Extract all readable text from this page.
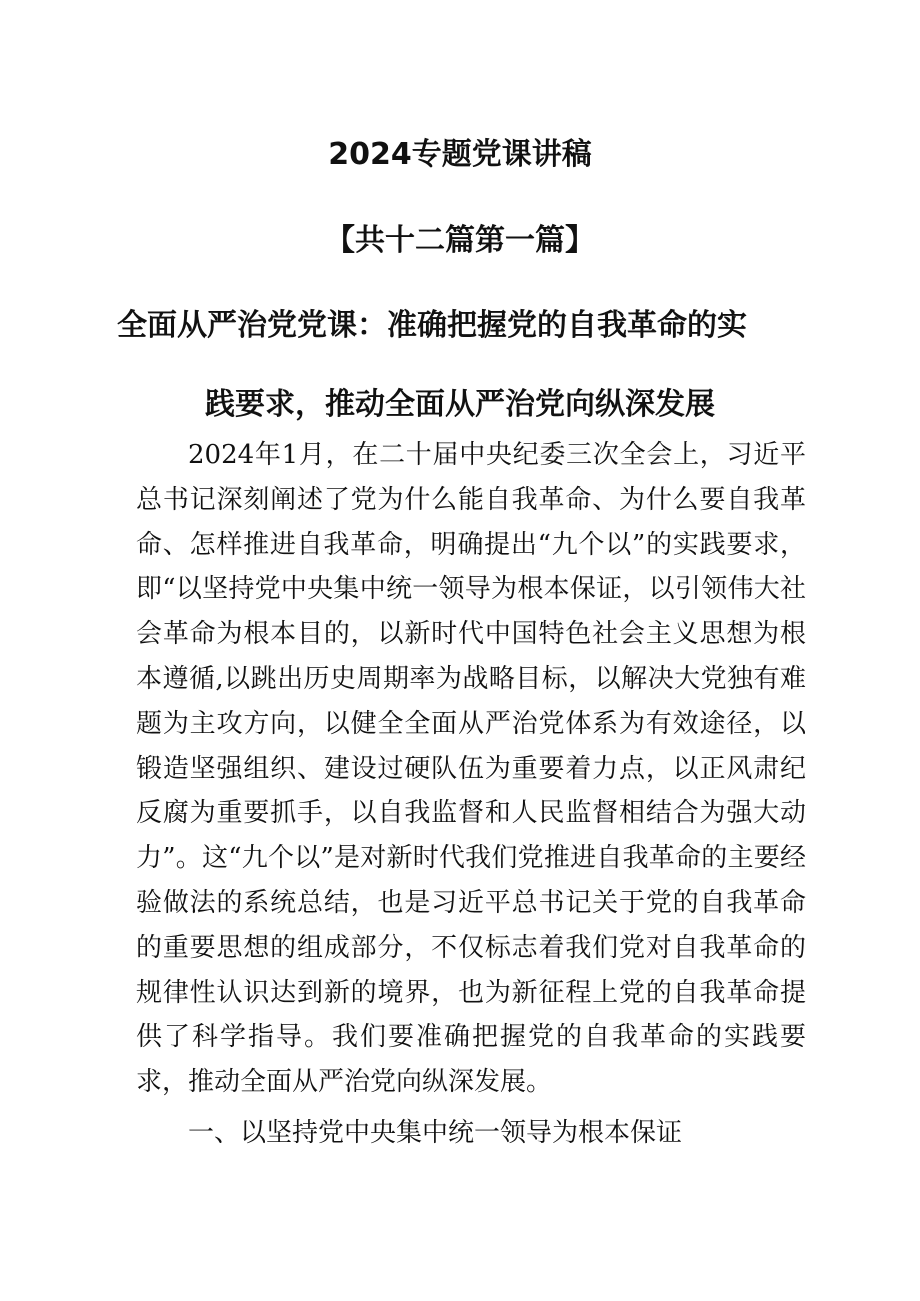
2024专题党课讲稿
【共十二篇第一篇】
全面从严治党党课：准确把握党的自我革命的实
践要求，推动全面从严治党向纵深发展

2024年1月，在二十届中央纪委三次全会上，习近平总书记深刻阐述了党为什么能自我革命、为什么要自我革命、怎样推进自我革命，明确提出“九个以”的实践要求，即“以坚持党中央集中统一领导为根本保证，以引领伟大社会革命为根本目的，以新时代中国特色社会主义思想为根本遵循,以跳出历史周期率为战略目标，以解决大党独有难题为主攻方向，以健全全面从严治党体系为有效途径，以锻造坚强组织、建设过硬队伍为重要着力点，以正风肃纪反腐为重要抓手，以自我监督和人民监督相结合为强大动力”。这“九个以”是对新时代我们党推进自我革命的主要经验做法的系统总结，也是习近平总书记关于党的自我革命的重要思想的组成部分，不仅标志着我们党对自我革命的规律性认识达到新的境界，也为新征程上党的自我革命提供了科学指导。我们要准确把握党的自我革命的实践要求，推动全面从严治党向纵深发展。

一、以坚持党中央集中统一领导为根本保证
